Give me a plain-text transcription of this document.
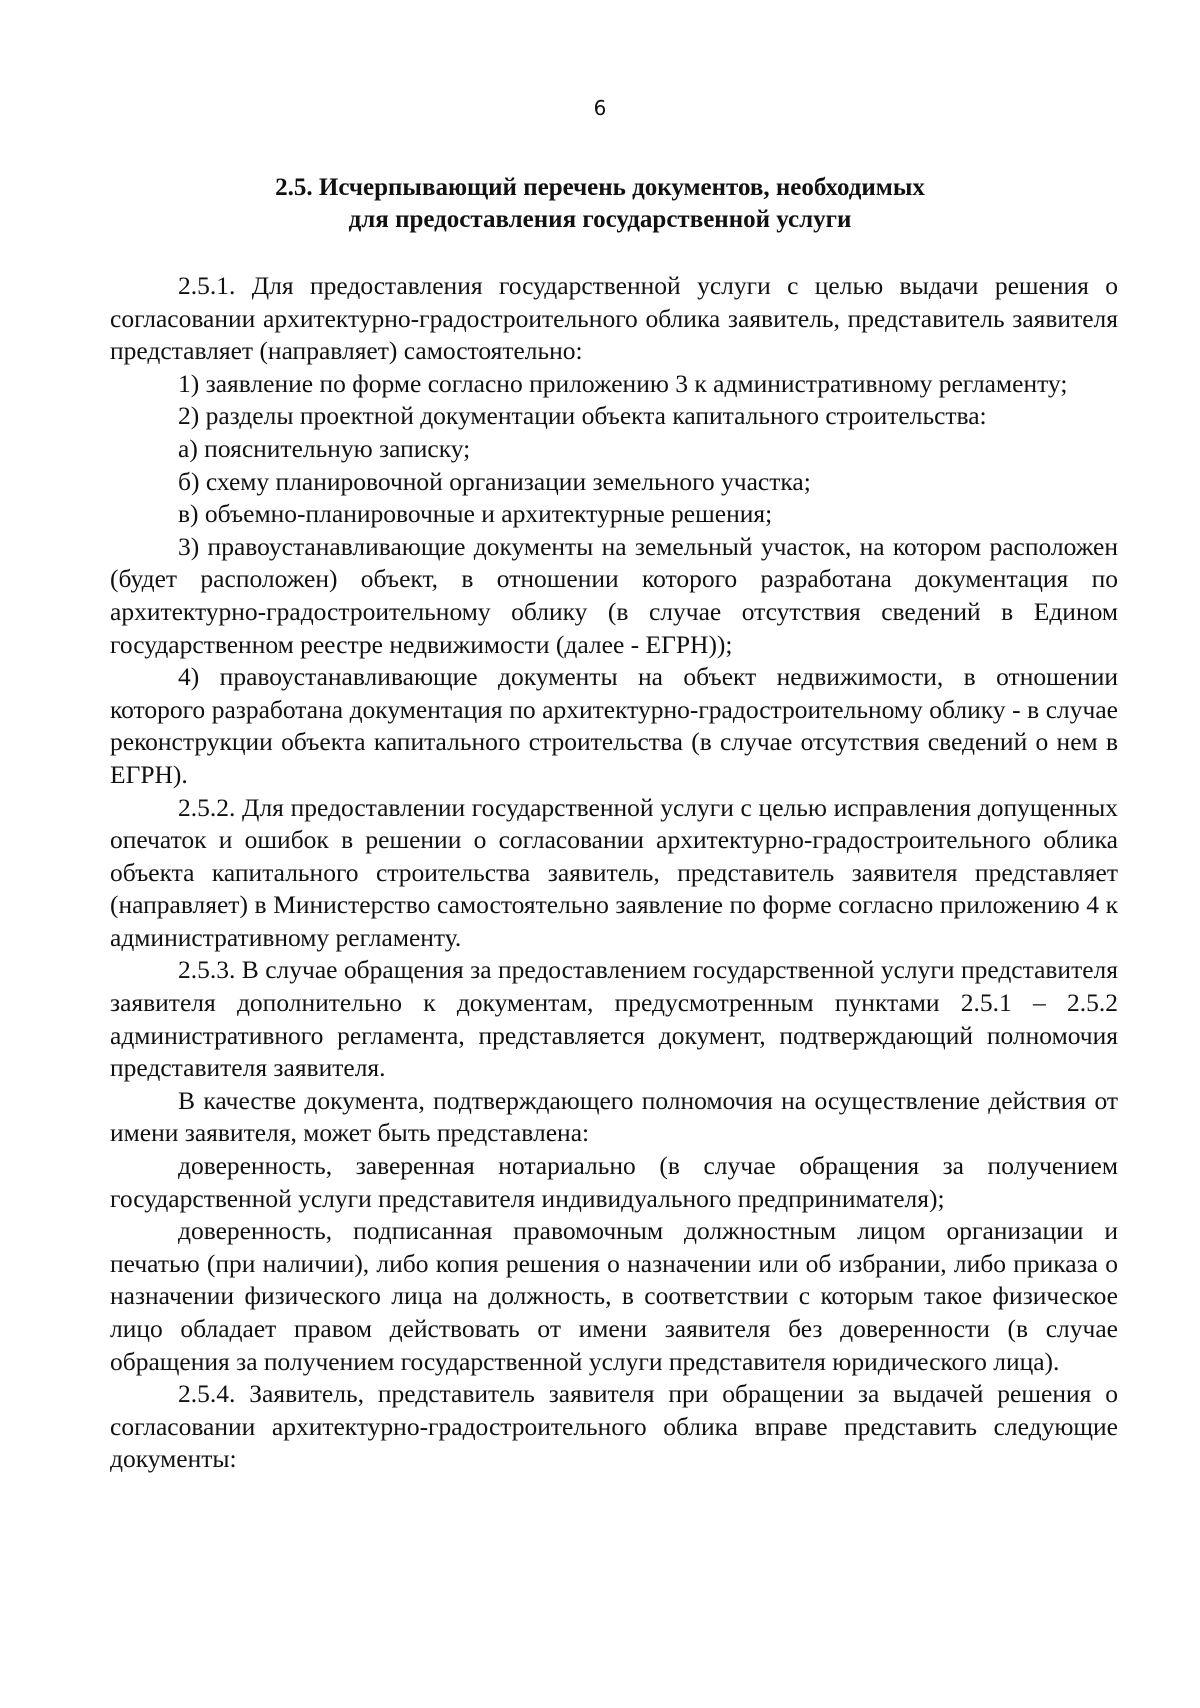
6
2.5. Исчерпывающий перечень документов, необходимых
для предоставления государственной услуги

2.5.1. Для предоставления государственной услуги с целью выдачи решения о согласовании архитектурно-градостроительного облика заявитель, представитель заявителя представляет (направляет) самостоятельно:

1) заявление по форме согласно приложению 3 к административному регламенту;

2) разделы проектной документации объекта капитального строительства:

а) пояснительную записку;

б) схему планировочной организации земельного участка;

в) объемно-планировочные и архитектурные решения;

3) правоустанавливающие документы на земельный участок, на котором расположен (будет расположен) объект, в отношении которого разработана документация по архитектурно-градостроительному облику (в случае отсутствия сведений в Едином государственном реестре недвижимости (далее - ЕГРН));

4) правоустанавливающие документы на объект недвижимости, в отношении которого разработана документация по архитектурно-градостроительному облику - в случае реконструкции объекта капитального строительства (в случае отсутствия сведений о нем в ЕГРН).

2.5.2. Для предоставлении государственной услуги с целью исправления допущенных опечаток и ошибок в решении о согласовании архитектурно-градостроительного облика объекта капитального строительства заявитель, представитель заявителя представляет (направляет) в Министерство самостоятельно заявление по форме согласно приложению 4 к административному регламенту.

2.5.3. В случае обращения за предоставлением государственной услуги представителя заявителя дополнительно к документам, предусмотренным пунктами 2.5.1 – 2.5.2 административного регламента, представляется документ, подтверждающий полномочия представителя заявителя.

В качестве документа, подтверждающего полномочия на осуществление действия от имени заявителя, может быть представлена:

доверенность, заверенная нотариально (в случае обращения за получением государственной услуги представителя индивидуального предпринимателя);

доверенность, подписанная правомочным должностным лицом организации и печатью (при наличии), либо копия решения о назначении или об избрании, либо приказа о назначении физического лица на должность, в соответствии с которым такое физическое лицо обладает правом действовать от имени заявителя без доверенности (в случае обращения за получением государственной услуги представителя юридического лица).

2.5.4. Заявитель, представитель заявителя при обращении за выдачей решения о согласовании архитектурно-градостроительного облика вправе представить следующие документы:
